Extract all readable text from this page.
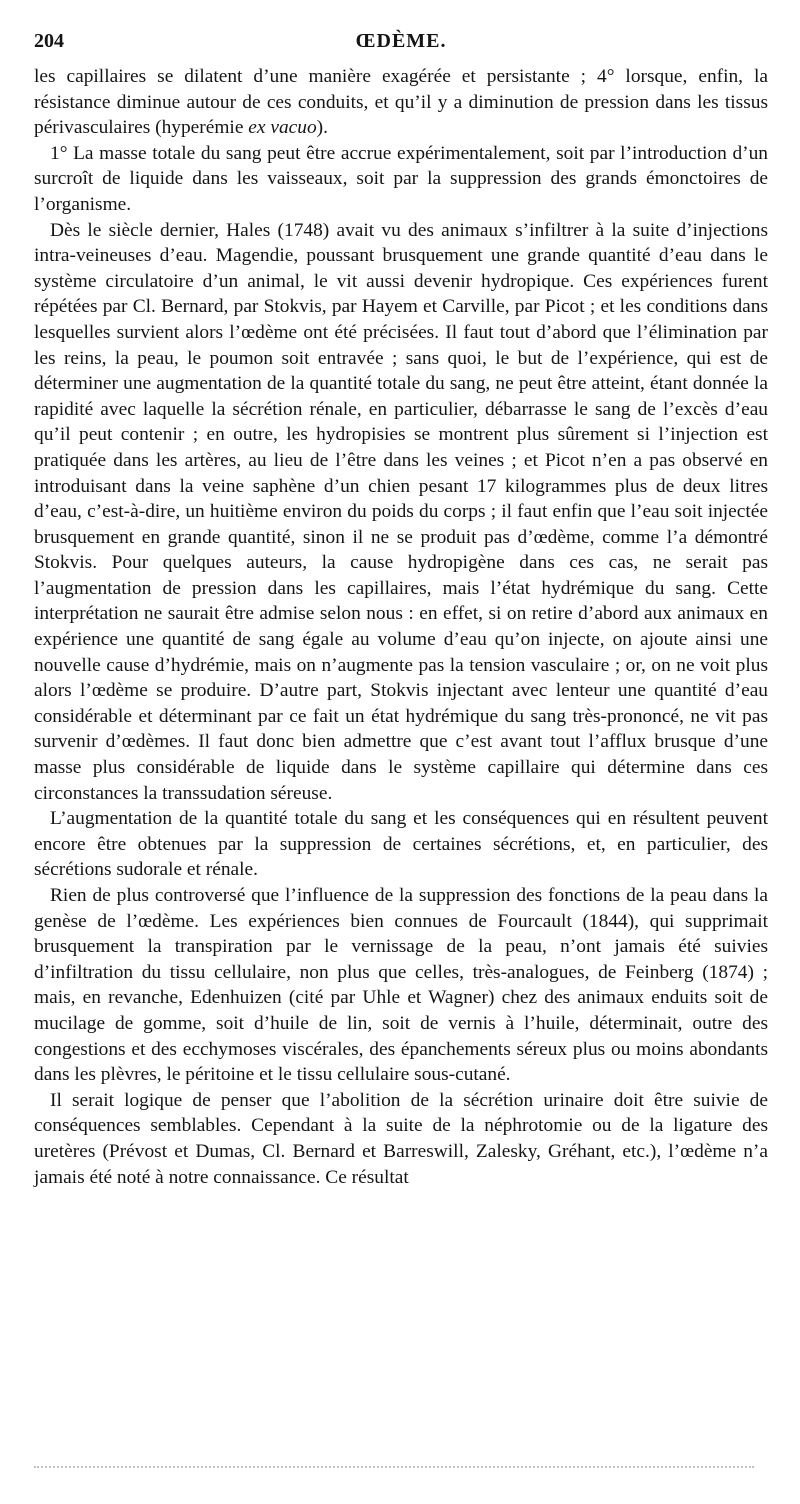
204	ŒDÈME.

les capillaires se dilatent d’une manière exagérée et persistante ; 4° lorsque, enfin, la résistance diminue autour de ces conduits, et qu’il y a diminution de pression dans les tissus périvasculaires (hyperémie ex vacuo).

1° La masse totale du sang peut être accrue expérimentalement, soit par l’introduction d’un surcroît de liquide dans les vaisseaux, soit par la suppression des grands émonctoires de l’organisme.

Dès le siècle dernier, Hales (1748) avait vu des animaux s’infiltrer à la suite d’injections intra-veineuses d’eau. Magendie, poussant brusquement une grande quantité d’eau dans le système circulatoire d’un animal, le vit aussi devenir hydropique. Ces expériences furent répétées par Cl. Bernard, par Stokvis, par Hayem et Carville, par Picot ; et les conditions dans lesquelles survient alors l’œdème ont été précisées. Il faut tout d’abord que l’élimination par les reins, la peau, le poumon soit entravée ; sans quoi, le but de l’expérience, qui est de déterminer une augmentation de la quantité totale du sang, ne peut être atteint, étant donnée la rapidité avec laquelle la sécrétion rénale, en particulier, débarrasse le sang de l’excès d’eau qu’il peut contenir ; en outre, les hydropisies se montrent plus sûrement si l’injection est pratiquée dans les artères, au lieu de l’être dans les veines ; et Picot n’en a pas observé en introduisant dans la veine saphène d’un chien pesant 17 kilogrammes plus de deux litres d’eau, c’est-à-dire, un huitième environ du poids du corps ; il faut enfin que l’eau soit injectée brusquement en grande quantité, sinon il ne se produit pas d’œdème, comme l’a démontré Stokvis. Pour quelques auteurs, la cause hydropigène dans ces cas, ne serait pas l’augmentation de pression dans les capillaires, mais l’état hydrémique du sang. Cette interprétation ne saurait être admise selon nous : en effet, si on retire d’abord aux animaux en expérience une quantité de sang égale au volume d’eau qu’on injecte, on ajoute ainsi une nouvelle cause d’hydrémie, mais on n’augmente pas la tension vasculaire ; or, on ne voit plus alors l’œdème se produire. D’autre part, Stokvis injectant avec lenteur une quantité d’eau considérable et déterminant par ce fait un état hydrémique du sang très-prononcé, ne vit pas survenir d’œdèmes. Il faut donc bien admettre que c’est avant tout l’afflux brusque d’une masse plus considérable de liquide dans le système capillaire qui détermine dans ces circonstances la transsudation séreuse.

L’augmentation de la quantité totale du sang et les conséquences qui en résultent peuvent encore être obtenues par la suppression de certaines sécrétions, et, en particulier, des sécrétions sudorale et rénale.

Rien de plus controversé que l’influence de la suppression des fonctions de la peau dans la genèse de l’œdème. Les expériences bien connues de Fourcault (1844), qui supprimait brusquement la transpiration par le vernissage de la peau, n’ont jamais été suivies d’infiltration du tissu cellulaire, non plus que celles, très-analogues, de Feinberg (1874) ; mais, en revanche, Edenhuizen (cité par Uhle et Wagner) chez des animaux enduits soit de mucilage de gomme, soit d’huile de lin, soit de vernis à l’huile, déterminait, outre des congestions et des ecchymoses viscérales, des épanchements séreux plus ou moins abondants dans les plèvres, le péritoine et le tissu cellulaire sous-cutané.

Il serait logique de penser que l’abolition de la sécrétion urinaire doit être suivie de conséquences semblables. Cependant à la suite de la néphrotomie ou de la ligature des uretères (Prévost et Dumas, Cl. Bernard et Barreswill, Zalesky, Gréhant, etc.), l’œdème n’a jamais été noté à notre connaissance. Ce résultat
